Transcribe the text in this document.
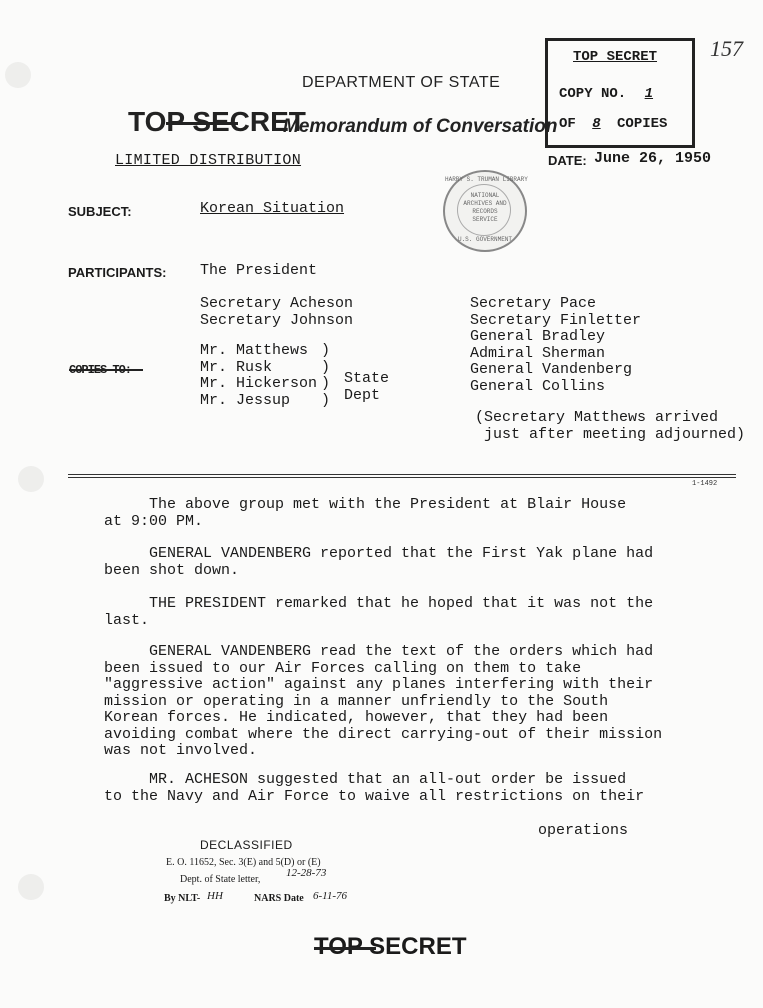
DEPARTMENT OF STATE
TOP SECRET
Memorandum of Conversation
157
TOP SECRET
COPY NO. 1
OF 8 COPIES
LIMITED DISTRIBUTION	DATE: June 26, 1950
HARRY S. TRUMAN LIBRARY
NATIONAL
ARCHIVES AND
RECORDS
SERVICE
U.S. GOVERNMENT
SUBJECT:	Korean Situation
PARTICIPANTS: The President
Secretary Acheson
Secretary Johnson
Mr. Matthews
Mr. Rusk
Mr. Hickerson
Mr. Jessup
)
)
)
)
State
Dept
COPIES TO:
Secretary Pace
Secretary Finletter
General Bradley
Admiral Sherman
General Vandenberg
General Collins
(Secretary Matthews arrived
just after meeting adjourned)
1-1492

The above group met with the President at Blair House
at 9:00 PM.

GENERAL VANDENBERG reported that the First Yak plane had
been shot down.

THE PRESIDENT remarked that he hoped that it was not the
last.

GENERAL VANDENBERG read the text of the orders which had
been issued to our Air Forces calling on them to take
"aggressive action" against any planes interfering with their
mission or operating in a manner unfriendly to the South
Korean forces. He indicated, however, that they had been
avoiding combat where the direct carrying-out of their mission
was not involved.

MR. ACHESON suggested that an all-out order be issued
to the Navy and Air Force to waive all restrictions on their

operations
DECLASSIFIED
E. O. 11652, Sec. 3(E) and 5(D) or (E)
Dept. of State letter,
12-28-73
By NLT- HH	NARS Date 6-11-76
TOP SECRET
